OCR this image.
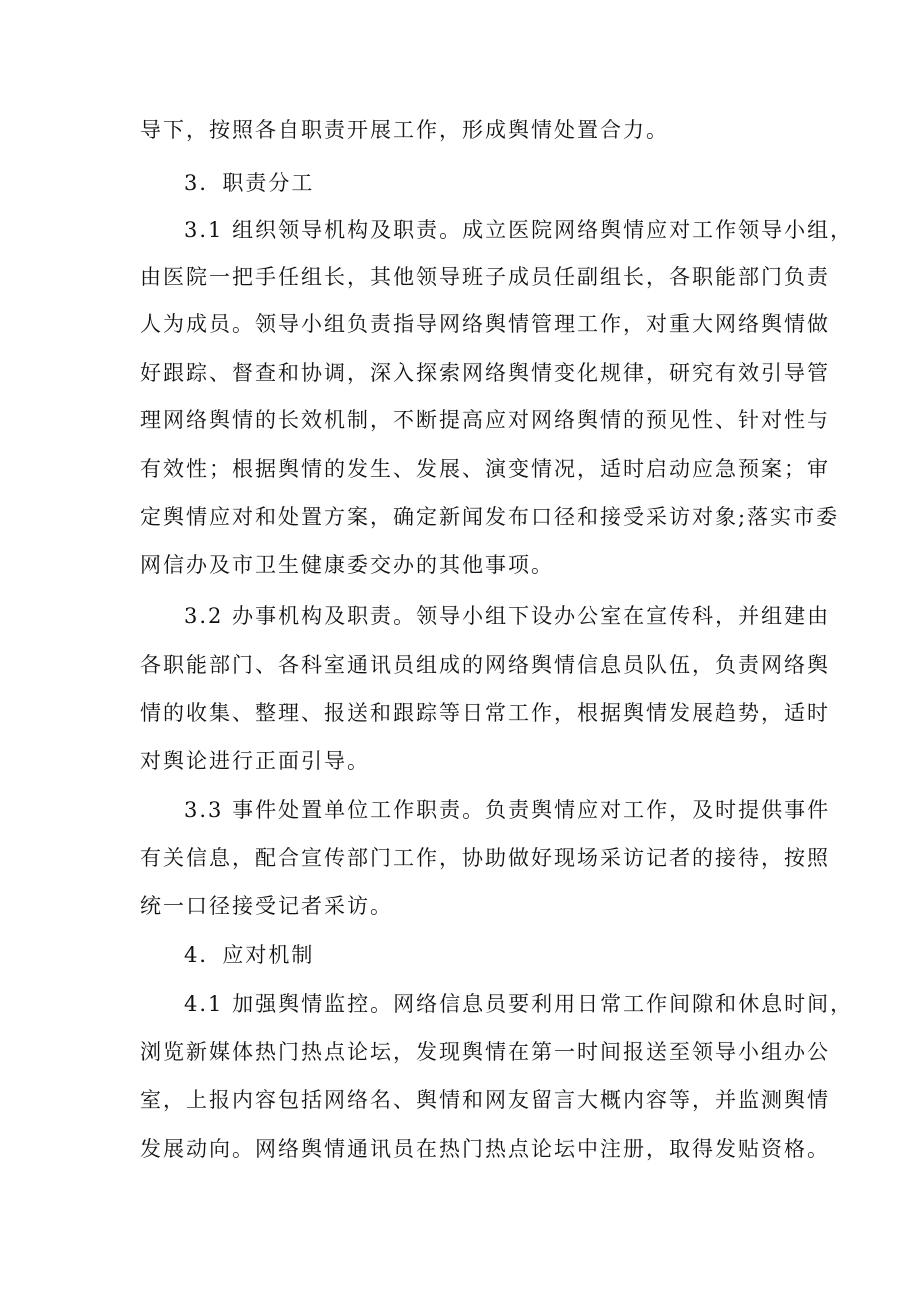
导下，按照各自职责开展工作，形成舆情处置合力。
3．职责分工
3.1 组织领导机构及职责。成立医院网络舆情应对工作领导小组，
由医院一把手任组长，其他领导班子成员任副组长，各职能部门负责
人为成员。领导小组负责指导网络舆情管理工作，对重大网络舆情做
好跟踪、督查和协调，深入探索网络舆情变化规律，研究有效引导管
理网络舆情的长效机制，不断提高应对网络舆情的预见性、针对性与
有效性；根据舆情的发生、发展、演变情况，适时启动应急预案；审
定舆情应对和处置方案，确定新闻发布口径和接受采访对象;落实市委
网信办及市卫生健康委交办的其他事项。
3.2 办事机构及职责。领导小组下设办公室在宣传科，并组建由
各职能部门、各科室通讯员组成的网络舆情信息员队伍，负责网络舆
情的收集、整理、报送和跟踪等日常工作，根据舆情发展趋势，适时
对舆论进行正面引导。
3.3 事件处置单位工作职责。负责舆情应对工作，及时提供事件
有关信息，配合宣传部门工作，协助做好现场采访记者的接待，按照
统一口径接受记者采访。
4．应对机制
4.1 加强舆情监控。网络信息员要利用日常工作间隙和休息时间，
浏览新媒体热门热点论坛，发现舆情在第一时间报送至领导小组办公
室，上报内容包括网络名、舆情和网友留言大概内容等，并监测舆情
发展动向。网络舆情通讯员在热门热点论坛中注册，取得发贴资格。
